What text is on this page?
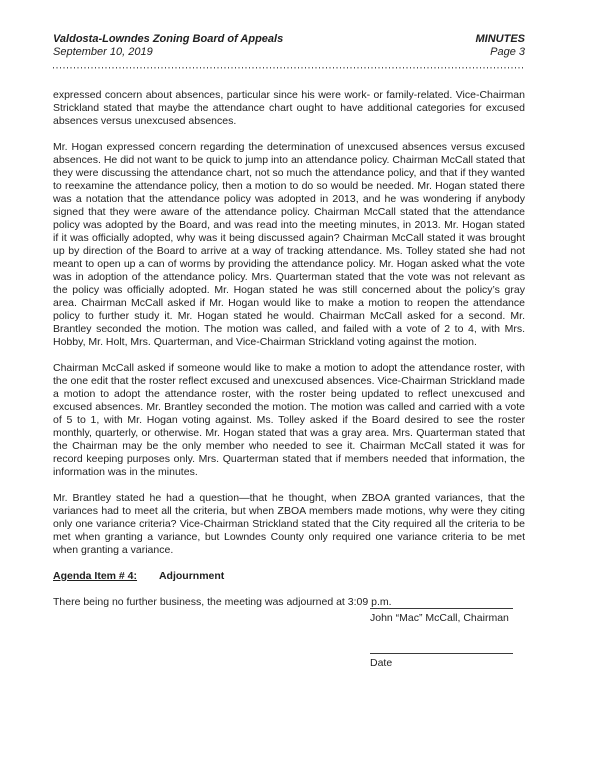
Valdosta-Lowndes Zoning Board of Appeals	MINUTES
September 10, 2019	Page 3

expressed concern about absences, particular since his were work- or family-related. Vice-Chairman Strickland stated that maybe the attendance chart ought to have additional categories for excused absences versus unexcused absences.

Mr. Hogan expressed concern regarding the determination of unexcused absences versus excused absences. He did not want to be quick to jump into an attendance policy. Chairman McCall stated that they were discussing the attendance chart, not so much the attendance policy, and that if they wanted to reexamine the attendance policy, then a motion to do so would be needed. Mr. Hogan stated there was a notation that the attendance policy was adopted in 2013, and he was wondering if anybody signed that they were aware of the attendance policy. Chairman McCall stated that the attendance policy was adopted by the Board, and was read into the meeting minutes, in 2013. Mr. Hogan stated if it was officially adopted, why was it being discussed again? Chairman McCall stated it was brought up by direction of the Board to arrive at a way of tracking attendance. Ms. Tolley stated she had not meant to open up a can of worms by providing the attendance policy. Mr. Hogan asked what the vote was in adoption of the attendance policy. Mrs. Quarterman stated that the vote was not relevant as the policy was officially adopted. Mr. Hogan stated he was still concerned about the policy’s gray area. Chairman McCall asked if Mr. Hogan would like to make a motion to reopen the attendance policy to further study it. Mr. Hogan stated he would. Chairman McCall asked for a second. Mr. Brantley seconded the motion. The motion was called, and failed with a vote of 2 to 4, with Mrs. Hobby, Mr. Holt, Mrs. Quarterman, and Vice-Chairman Strickland voting against the motion.

Chairman McCall asked if someone would like to make a motion to adopt the attendance roster, with the one edit that the roster reflect excused and unexcused absences. Vice-Chairman Strickland made a motion to adopt the attendance roster, with the roster being updated to reflect unexcused and excused absences. Mr. Brantley seconded the motion. The motion was called and carried with a vote of 5 to 1, with Mr. Hogan voting against. Ms. Tolley asked if the Board desired to see the roster monthly, quarterly, or otherwise. Mr. Hogan stated that was a gray area. Mrs. Quarterman stated that the Chairman may be the only member who needed to see it. Chairman McCall stated it was for record keeping purposes only. Mrs. Quarterman stated that if members needed that information, the information was in the minutes.

Mr. Brantley stated he had a question—that he thought, when ZBOA granted variances, that the variances had to meet all the criteria, but when ZBOA members made motions, why were they citing only one variance criteria? Vice-Chairman Strickland stated that the City required all the criteria to be met when granting a variance, but Lowndes County only required one variance criteria to be met when granting a variance.

Agenda Item # 4: Adjournment

There being no further business, the meeting was adjourned at 3:09 p.m.

John “Mac” McCall, Chairman
Date
